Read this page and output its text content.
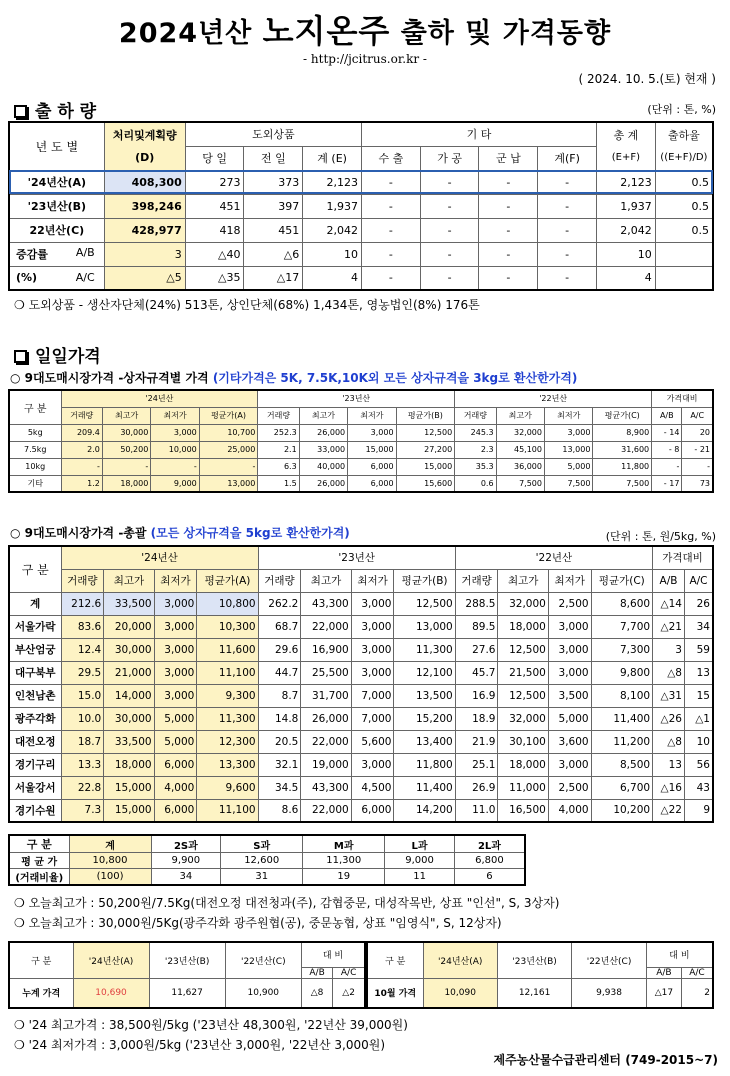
2024년산 노지온주 출하 및 가격동향
- http://jcitrus.or.kr -
( 2024. 10. 5.(토) 현재 )
출 하 량	(단위 : 톤, %)
년 도 별	처리및계획량	도외상품			기 타				총 계	출하율
	(D)	당 일	전 일	계 (E)	수 출	가 공	군 납	계(F)	(E+F)	((E+F)/D)
'24년산(A)	408,300	273	373	2,123	-	-	-	-	2,123	0.5
'23년산(B)	398,246	451	397	1,937	-	-	-	-	1,937	0.5
22년산(C)	428,977	418	451	2,042	-	-	-	-	2,042	0.5
증감률 A/B	3	△40	△6	10	-	-	-	-	10	
(%) A/C	△5	△35	△17	4	-	-	-	-	4	
❍ 도외상품 - 생산자단체(24%) 513톤, 상인단체(68%) 1,434톤, 영농법인(8%) 176톤
일일가격
○ 9대도매시장가격 -상자규격별 가격 (기타가격은 5K, 7.5K,10K외 모든 상자규격을 3kg로 환산한가격)
구 분	'24년산				'23년산				'22년산				가격대비	
	거래량	최고가	최저가	평균가(A)	거래량	최고가	최저가	평균가(B)	거래량	최고가	최저가	평균가(C)	A/B	A/C
5kg	209.4	30,000	3,000	10,700	252.3	26,000	3,000	12,500	245.3	32,000	3,000	8,900	- 14	20
7.5kg	2.0	50,200	10,000	25,000	2.1	33,000	15,000	27,200	2.3	45,100	13,000	31,600	- 8	- 21
10kg	-	-	-	-	6.3	40,000	6,000	15,000	35.3	36,000	5,000	11,800	-	-
기타	1.2	18,000	9,000	13,000	1.5	26,000	6,000	15,600	0.6	7,500	7,500	7,500	- 17	73
○ 9대도매시장가격 -총괄 (모든 상자규격을 5kg로 환산한가격)	(단위 : 톤, 원/5kg, %)
구 분	'24년산				'23년산				'22년산				가격대비	
	거래량	최고가	최저가	평균가(A)	거래량	최고가	최저가	평균가(B)	거래량	최고가	최저가	평균가(C)	A/B	A/C
계	212.6	33,500	3,000	10,800	262.2	43,300	3,000	12,500	288.5	32,000	2,500	8,600	△14	26
서울가락	83.6	20,000	3,000	10,300	68.7	22,000	3,000	13,000	89.5	18,000	3,000	7,700	△21	34
부산엄궁	12.4	30,000	3,000	11,600	29.6	16,900	3,000	11,300	27.6	12,500	3,000	7,300	3	59
대구북부	29.5	21,000	3,000	11,100	44.7	25,500	3,000	12,100	45.7	21,500	3,000	9,800	△8	13
인천남촌	15.0	14,000	3,000	9,300	8.7	31,700	7,000	13,500	16.9	12,500	3,500	8,100	△31	15
광주각화	10.0	30,000	5,000	11,300	14.8	26,000	7,000	15,200	18.9	32,000	5,000	11,400	△26	△1
대전오정	18.7	33,500	5,000	12,300	20.5	22,000	5,600	13,400	21.9	30,100	3,600	11,200	△8	10
경기구리	13.3	18,000	6,000	13,300	32.1	19,000	3,000	11,800	25.1	18,000	3,000	8,500	13	56
서울강서	22.8	15,000	4,000	9,600	34.5	43,300	4,500	11,400	26.9	11,000	2,500	6,700	△16	43
경기수원	7.3	15,000	6,000	11,100	8.6	22,000	6,000	14,200	11.0	16,500	4,000	10,200	△22	9
구 분	계	2S과	S과	M과	L과	2L과
평 균 가	10,800	9,900	12,600	11,300	9,000	6,800
(거래비율)	(100)	34	31	19	11	6
❍ 오늘최고가 : 50,200원/7.5Kg(대전오정 대전청과(주), 감협중문, 대성작목반, 상표 "인선", S, 3상자)
❍ 오늘최고가 : 30,000원/5Kg(광주각화 광주원협(공), 중문농협, 상표 "임영식", S, 12상자)
구 분	'24년산(A)	'23년산(B)	'22년산(C)	대 비	
				A/B	A/C
누계 가격	10,690	11,627	10,900	△8	△2
구 분	'24년산(A)	'23년산(B)	'22년산(C)	대 비	
				A/B	A/C
10월 가격	10,090	12,161	9,938	△17	2
❍ '24 최고가격 : 38,500원/5kg ('23년산 48,300원, '22년산 39,000원)
❍ '24 최저가격 : 3,000원/5kg ('23년산 3,000원, '22년산 3,000원)
제주농산물수급관리센터 (749-2015~7)
